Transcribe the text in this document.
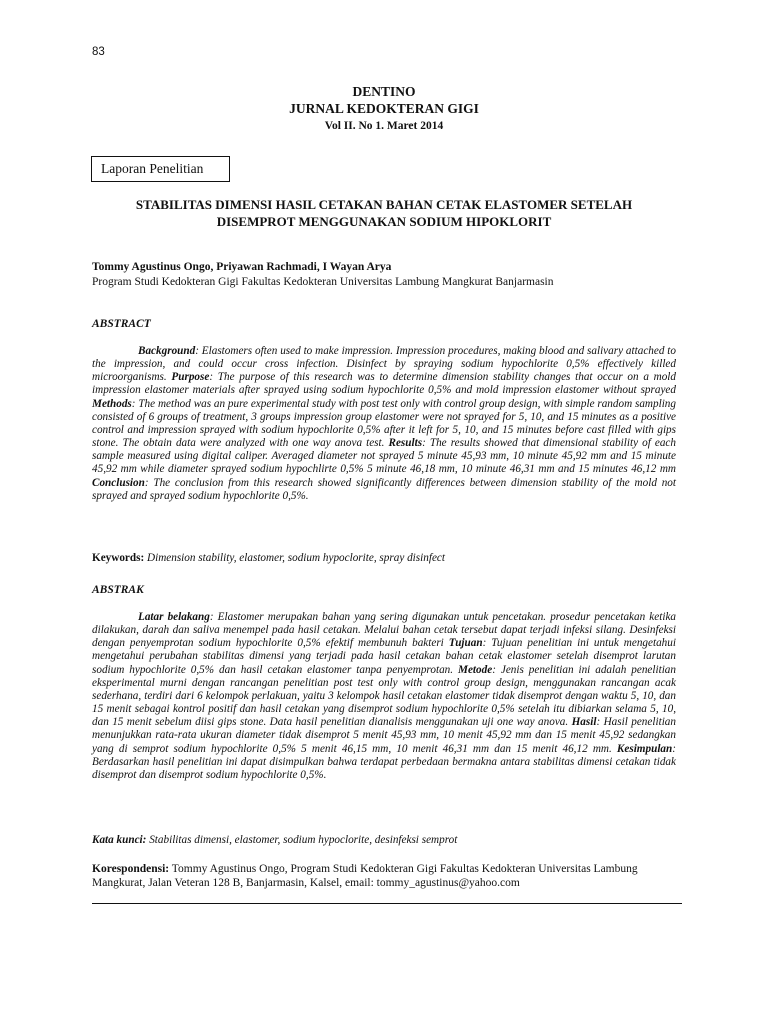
83
DENTINO
JURNAL KEDOKTERAN GIGI
Vol II. No 1. Maret 2014
Laporan Penelitian
STABILITAS DIMENSI HASIL CETAKAN BAHAN CETAK ELASTOMER SETELAH
DISEMPROT MENGGUNAKAN SODIUM HIPOKLORIT
Tommy Agustinus Ongo, Priyawan Rachmadi, I Wayan Arya
Program Studi Kedokteran Gigi Fakultas Kedokteran Universitas Lambung Mangkurat Banjarmasin
ABSTRACT

Background: Elastomers often used to make impression. Impression procedures, making blood and salivary attached to the impression, and could occur cross infection. Disinfect by spraying sodium hypochlorite 0,5% effectively killed microorganisms. Purpose: The purpose of this research was to determine dimension stability changes that occur on a mold impression elastomer materials after sprayed using sodium hypochlorite 0,5% and mold impression elastomer without sprayed Methods: The method was an pure experimental study with post test only with control group design, with simple random sampling consisted of 6 groups of treatment, 3 groups impression group elastomer were not sprayed for 5, 10, and 15 minutes as a positive control and impression sprayed with sodium hypochlorite 0,5% after it left for 5, 10, and 15 minutes before cast filled with gips stone. The obtain data were analyzed with one way anova test. Results: The results showed that dimensional stability of each sample measured using digital caliper. Averaged diameter not sprayed 5 minute 45,93 mm, 10 minute 45,92 mm and 15 minute 45,92 mm while diameter sprayed sodium hypochlirte 0,5% 5 minute 46,18 mm, 10 minute 46,31 mm and 15 minutes 46,12 mm Conclusion: The conclusion from this research showed significantly differences between dimension stability of the mold not sprayed and sprayed sodium hypochlorite 0,5%.

Keywords: Dimension stability, elastomer, sodium hypoclorite, spray disinfect
ABSTRAK

Latar belakang: Elastomer merupakan bahan yang sering digunakan untuk pencetakan. prosedur pencetakan ketika dilakukan, darah dan saliva menempel pada hasil cetakan. Melalui bahan cetak tersebut dapat terjadi infeksi silang. Desinfeksi dengan penyemprotan sodium hypochlorite 0,5% efektif membunuh bakteri Tujuan: Tujuan penelitian ini untuk mengetahui mengetahui perubahan stabilitas dimensi yang terjadi pada hasil cetakan bahan cetak elastomer setelah disemprot larutan sodium hypochlorite 0,5% dan hasil cetakan elastomer tanpa penyemprotan. Metode: Jenis penelitian ini adalah penelitian eksperimental murni dengan rancangan penelitian post test only with control group design, menggunakan rancangan acak sederhana, terdiri dari 6 kelompok perlakuan, yaitu 3 kelompok hasil cetakan elastomer tidak disemprot dengan waktu 5, 10, dan 15 menit sebagai kontrol positif dan hasil cetakan yang disemprot sodium hypochlorite 0,5% setelah itu dibiarkan selama 5, 10, dan 15 menit sebelum diisi gips stone. Data hasil penelitian dianalisis menggunakan uji one way anova. Hasil: Hasil penelitian menunjukkan rata-rata ukuran diameter tidak disemprot 5 menit 45,93 mm, 10 menit 45,92 mm dan 15 menit 45,92 sedangkan yang di semprot sodium hypochlorite 0,5% 5 menit 46,15 mm, 10 menit 46,31 mm dan 15 menit 46,12 mm. Kesimpulan: Berdasarkan hasil penelitian ini dapat disimpulkan bahwa terdapat perbedaan bermakna antara stabilitas dimensi cetakan tidak disemprot dan disemprot sodium hypochlorite 0,5%.

Kata kunci: Stabilitas dimensi, elastomer, sodium hypoclorite, desinfeksi semprot
Korespondensi: Tommy Agustinus Ongo, Program Studi Kedokteran Gigi Fakultas Kedokteran Universitas Lambung Mangkurat, Jalan Veteran 128 B, Banjarmasin, Kalsel, email: tommy_agustinus@yahoo.com
